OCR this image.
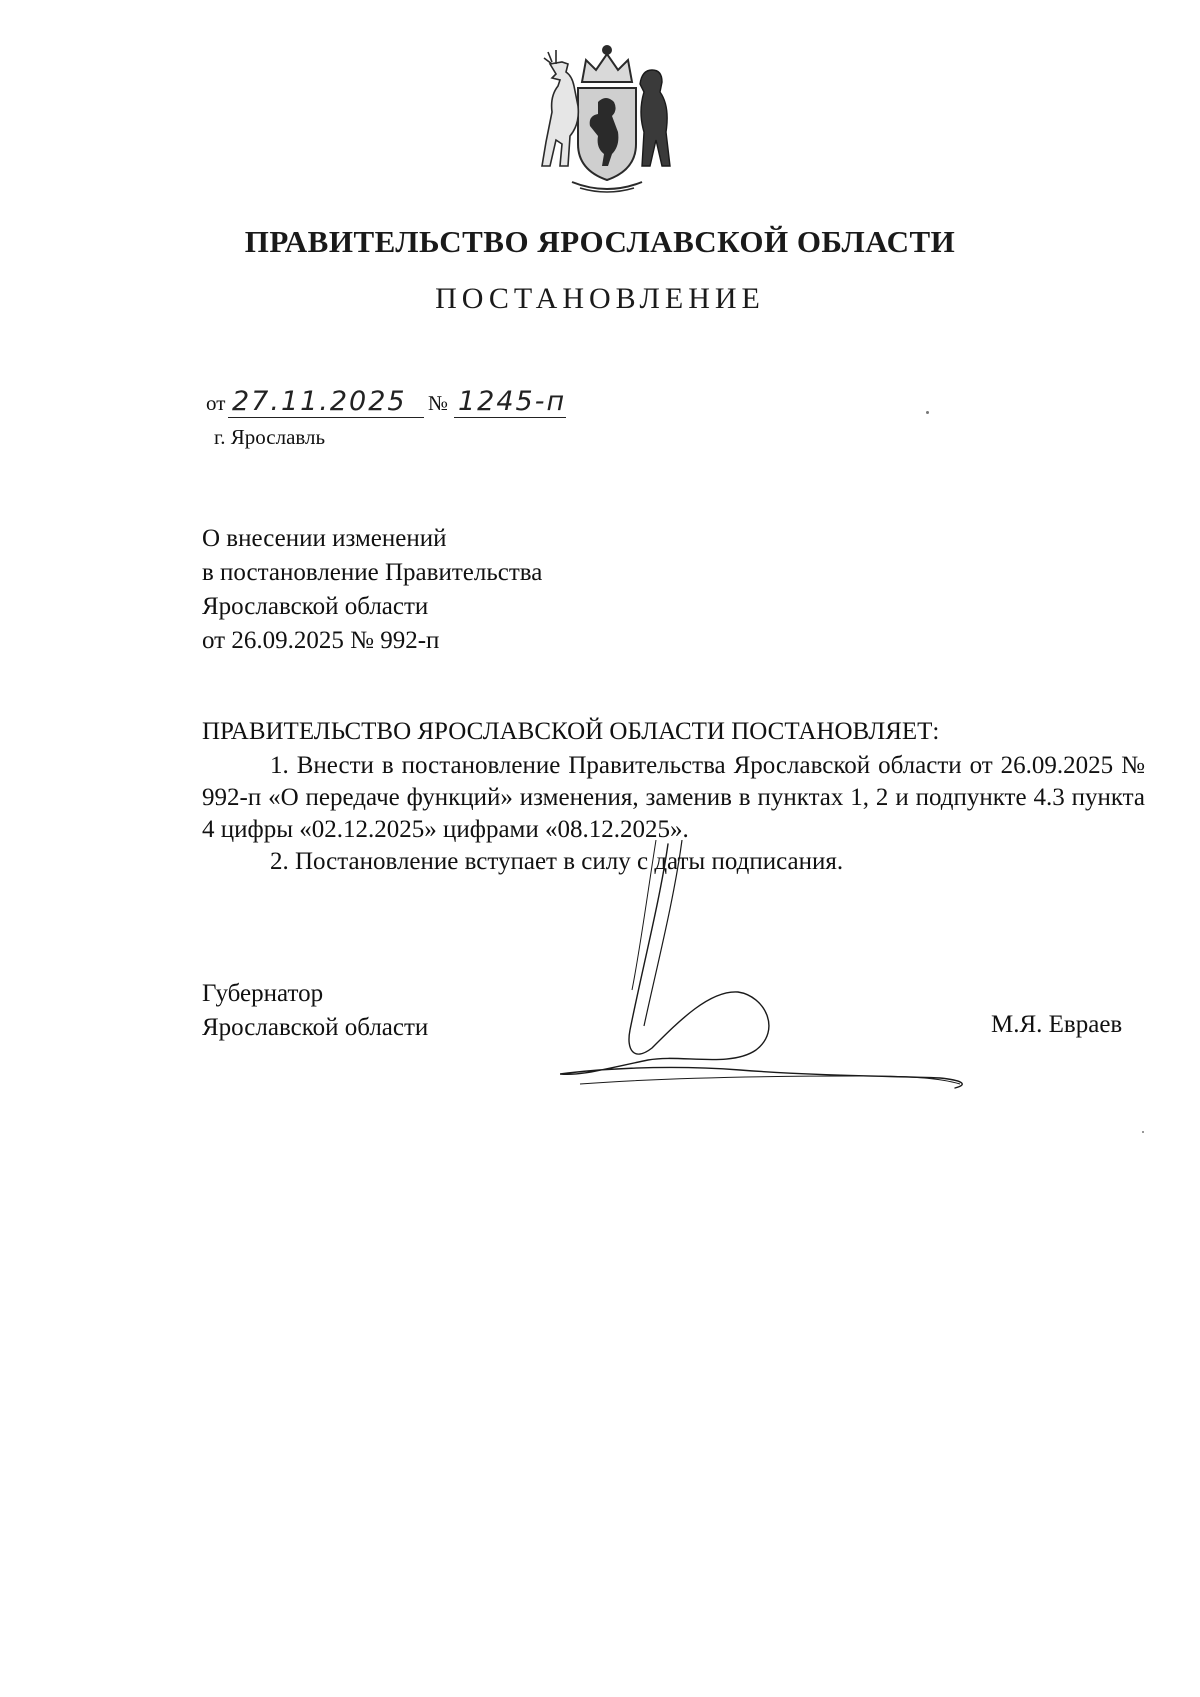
ПРАВИТЕЛЬСТВО ЯРОСЛАВСКОЙ ОБЛАСТИ
ПОСТАНОВЛЕНИЕ
от 27.11.2025 № 1245-п
г. Ярославль
О внесении изменений
в постановление Правительства
Ярославской области
от 26.09.2025 № 992-п
ПРАВИТЕЛЬСТВО ЯРОСЛАВСКОЙ ОБЛАСТИ ПОСТАНОВЛЯЕТ:

1. Внести в постановление Правительства Ярославской области от 26.09.2025 № 992-п «О передаче функций» изменения, заменив в пунктах 1, 2 и подпункте 4.3 пункта 4 цифры «02.12.2025» цифрами «08.12.2025».

2. Постановление вступает в силу с даты подписания.

Губернатор
Ярославской области	М.Я. Евраев
